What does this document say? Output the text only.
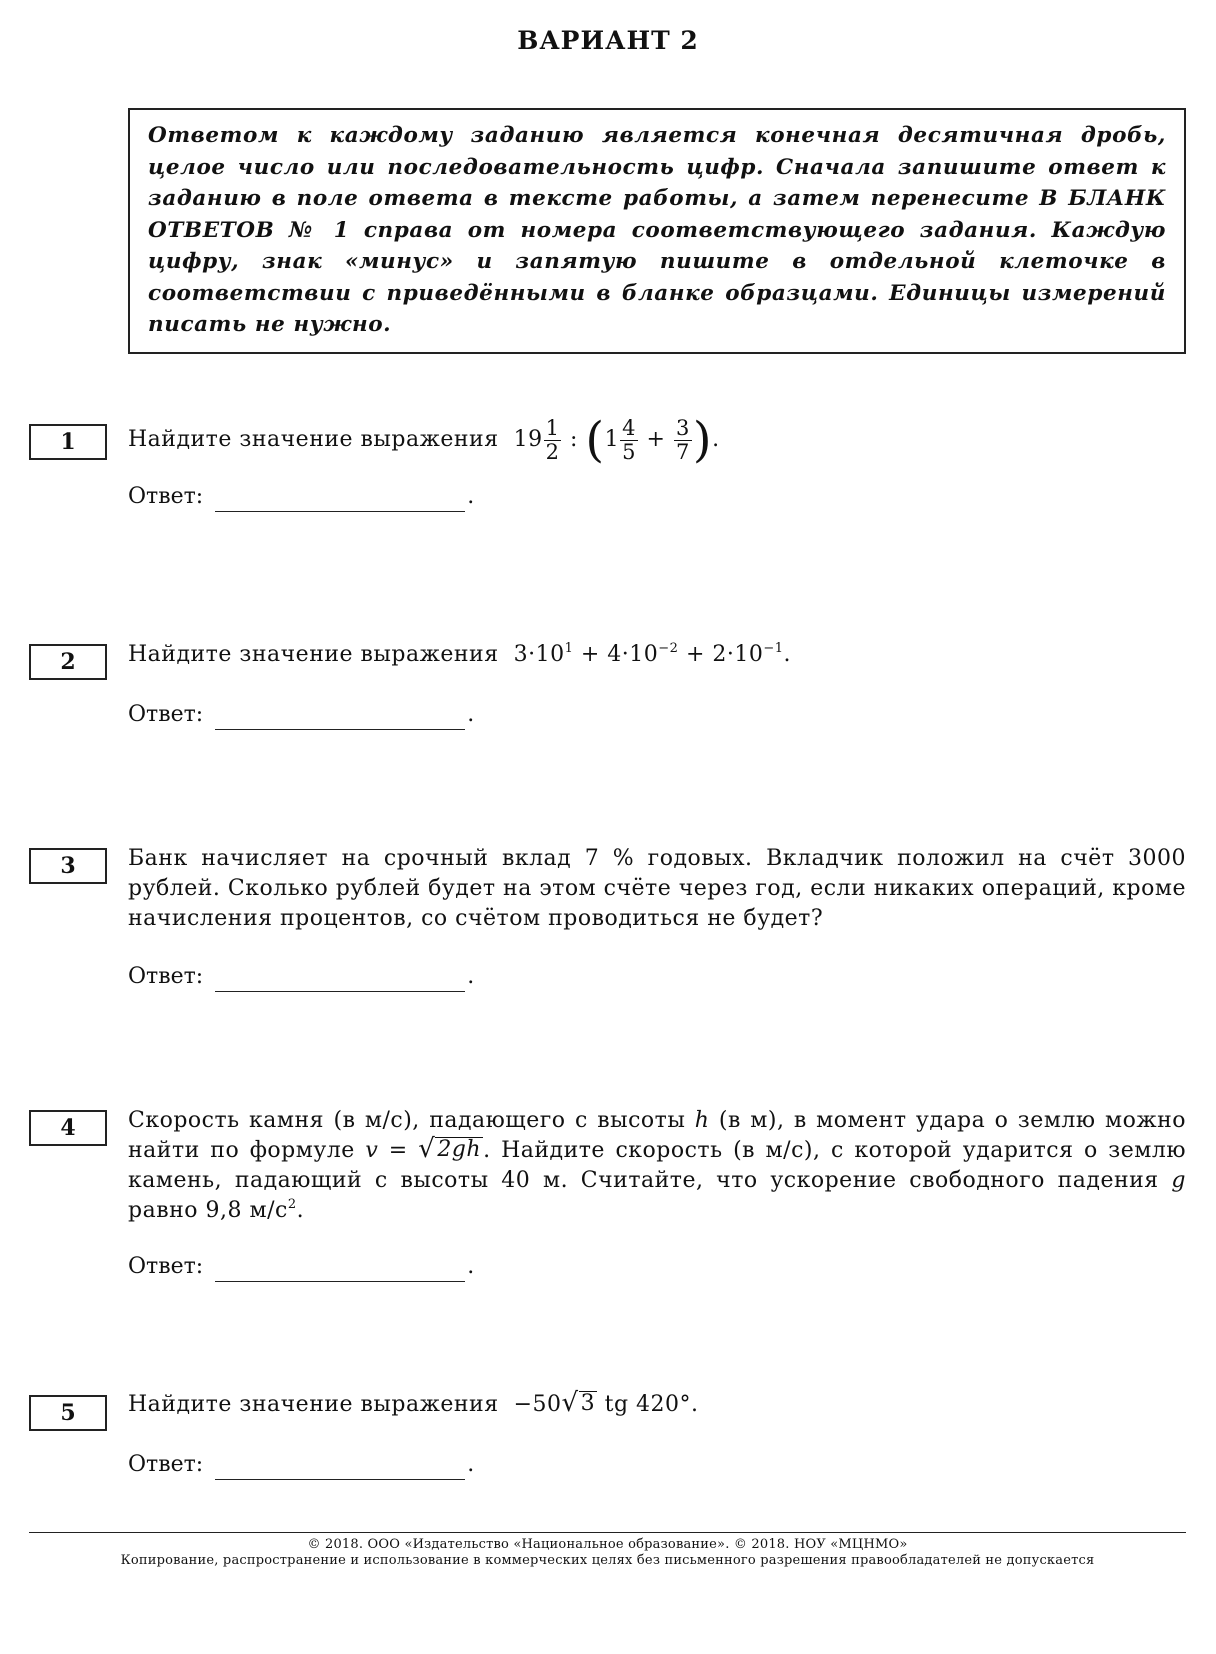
ВАРИАНТ 2
Ответом к каждому заданию является конечная десятичная дробь, целое число или последовательность цифр. Сначала запишите ответ к заданию в поле ответа в тексте работы, а затем перенесите В БЛАНК ОТВЕТОВ № 1 справа от номера соответствующего задания. Каждую цифру, знак «минус» и запятую пишите в отдельной клеточке в соответствии с приведёнными в бланке образцами. Единицы измерений писать не нужно.
1	Найдите значение выражения $19 \frac{1}{2}$ : ($1 \frac{4}{5} + \frac{3}{7}$ ).
Ответ:	.
2	Найдите значение выражения $3\cdot 10^1 + 4\cdot 10^{-2} + 2\cdot 10^{-1}$.
Ответ:	.
3	Банк начисляет на срочный вклад 7 % годовых. Вкладчик положил на счёт 3000 рублей. Сколько рублей будет на этом счёте через год, если никаких операций, кроме начисления процентов, со счётом проводиться не будет?
Ответ:	.
4	Скорость камня (в м/с), падающего с высоты h (в м), в момент удара о землю можно найти по формуле v = √ 2gh . Найдите скорость (в м/с), с которой ударится о землю камень, падающий с высоты 40 м. Считайте, что ускорение свободного падения g равно 9,8 $м/с^2$.
Ответ:	.
5	Найдите значение выражения −50 √ 3 tg 420°.
Ответ:	.
© 2018. ООО «Издательство «Национальное образование». © 2018. НОУ «МЦНМО»
Копирование, распространение и использование в коммерческих целях без письменного разрешения правообладателей не допускается
